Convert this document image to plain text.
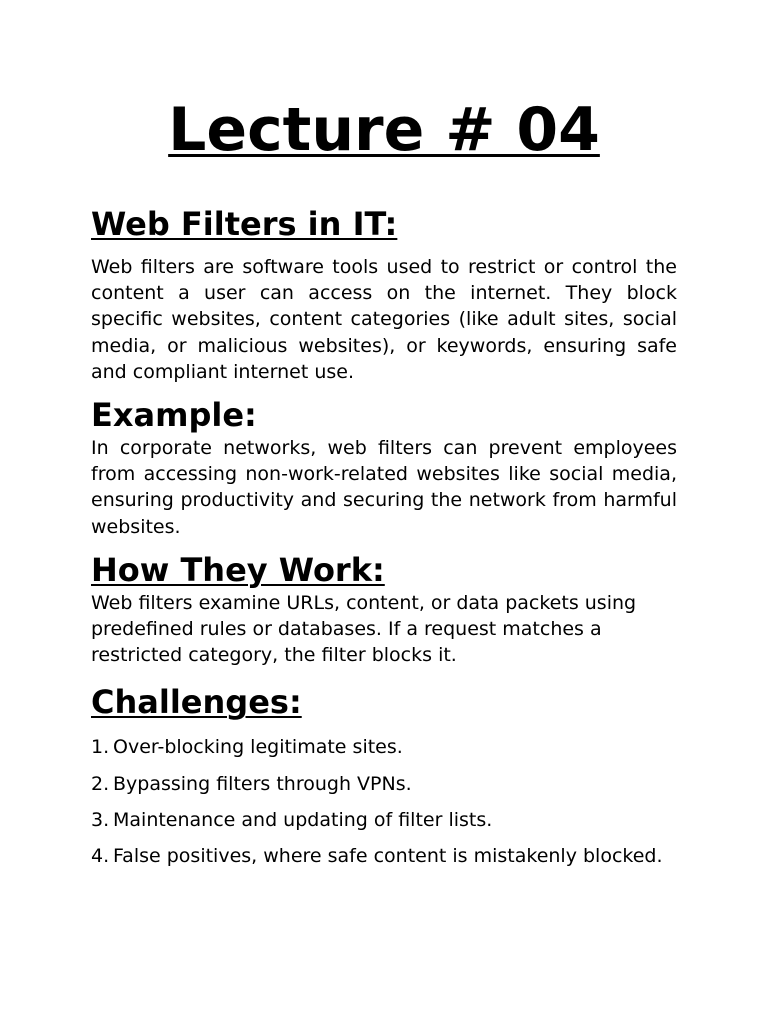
Lecture # 04
Web Filters in IT:

Web filters are software tools used to restrict or control the content a user can access on the internet. They block specific websites, content categories (like adult sites, social media, or malicious websites), or keywords, ensuring safe and compliant internet use.

Example:

In corporate networks, web filters can prevent employees from accessing non-work-related websites like social media, ensuring productivity and securing the network from harmful websites.

How They Work:

Web filters examine URLs, content, or data packets using predefined rules or databases. If a request matches a restricted category, the filter blocks it.

Challenges:
1. Over-blocking legitimate sites.
2. Bypassing filters through VPNs.
3. Maintenance and updating of filter lists.
4. False positives, where safe content is mistakenly blocked.
